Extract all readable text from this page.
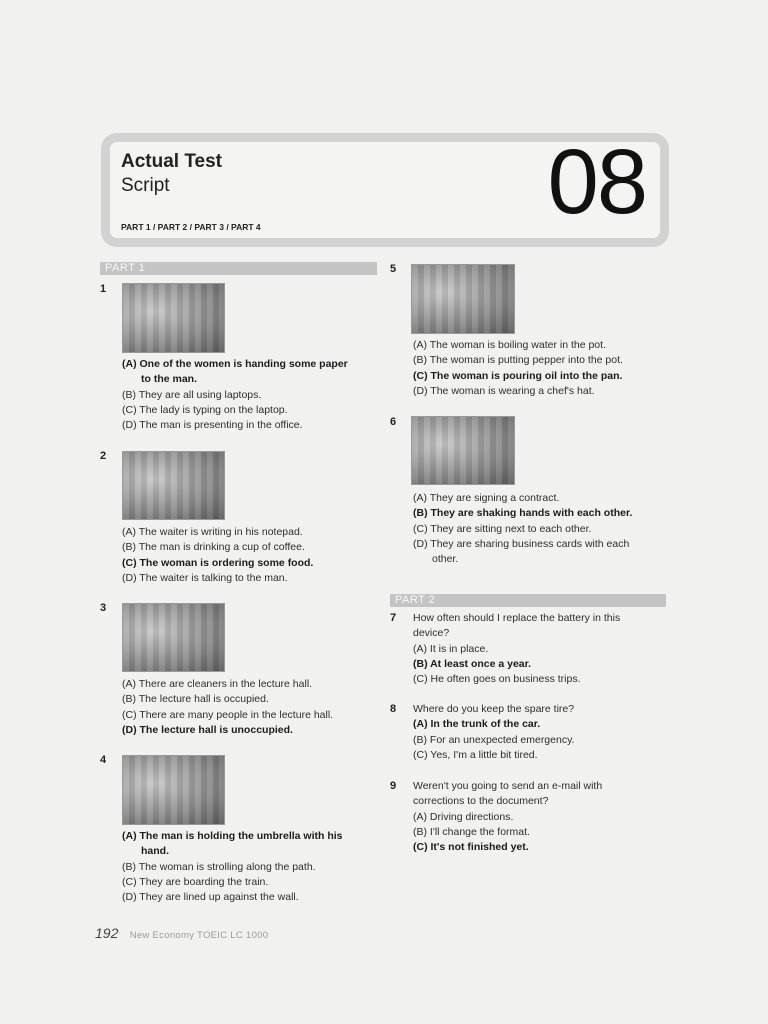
Actual Test
Script
PART 1 / PART 2 / PART 3 / PART 4	08
PART 1
1
(A) One of the women is handing some paper
to the man.
(B) They are all using laptops.
(C) The lady is typing on the laptop.
(D) The man is presenting in the office.
2
(A) The waiter is writing in his notepad.
(B) The man is drinking a cup of coffee.
(C) The woman is ordering some food.
(D) The waiter is talking to the man.
3
(A) There are cleaners in the lecture hall.
(B) The lecture hall is occupied.
(C) There are many people in the lecture hall.
(D) The lecture hall is unoccupied.
4
(A) The man is holding the umbrella with his
hand.
(B) The woman is strolling along the path.
(C) They are boarding the train.
(D) They are lined up against the wall.
5
(A) The woman is boiling water in the pot.
(B) The woman is putting pepper into the pot.
(C) The woman is pouring oil into the pan.
(D) The woman is wearing a chef's hat.
6
(A) They are signing a contract.
(B) They are shaking hands with each other.
(C) They are sitting next to each other.
(D) They are sharing business cards with each
other.
PART 2
7 How often should I replace the battery in this
device?
(A) It is in place.
(B) At least once a year.
(C) He often goes on business trips.
8 Where do you keep the spare tire?
(A) In the trunk of the car.
(B) For an unexpected emergency.
(C) Yes, I'm a little bit tired.
9 Weren't you going to send an e-mail with
corrections to the document?
(A) Driving directions.
(B) I'll change the format.
(C) It's not finished yet.
192 New Economy TOEIC LC 1000
